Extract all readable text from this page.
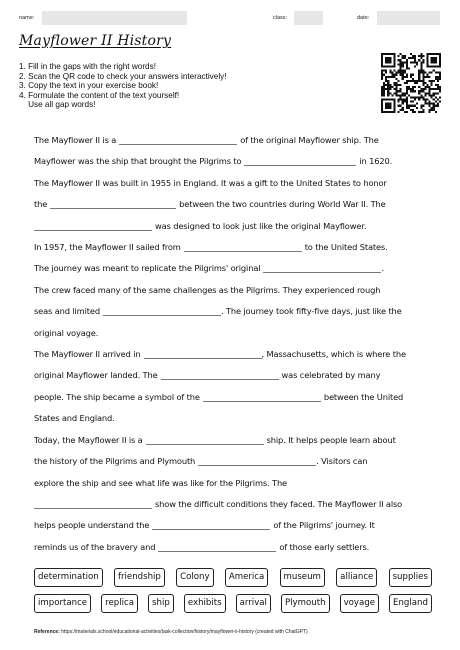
name:	class:	date:
Mayflower II History
1. Fill in the gaps with the right words!
2. Scan the QR code to check your answers interactively!
3. Copy the text in your exercise book!
4. Formulate the content of the text yourself!
Use all gap words!
The Mayflower II is a	of the original Mayflower ship. The
Mayflower was the ship that brought the Pilgrims to	in 1620.
The Mayflower II was built in 1955 in England. It was a gift to the United States to honor
the	between the two countries during World War II. The
was designed to look just like the original Mayflower.
In 1957, the Mayflower II sailed from	to the United States.
The journey was meant to replicate the Pilgrims' original	.
The crew faced many of the same challenges as the Pilgrims. They experienced rough
seas and limited	. The journey took fifty-five days, just like the
original voyage.
The Mayflower II arrived in	, Massachusetts, which is where the
original Mayflower landed. The	was celebrated by many
people. The ship became a symbol of the	between the United
States and England.
Today, the Mayflower II is a	ship. It helps people learn about
the history of the Pilgrims and Plymouth	. Visitors can
explore the ship and see what life was like for the Pilgrims. The
show the difficult conditions they faced. The Mayflower II also
helps people understand the	of the Pilgrims' journey. It
reminds us of the bravery and	of those early settlers.
determination	friendship	Colony	America	museum	alliance	supplies
importance	replica	ship	exhibits	arrival	Plymouth	voyage	England
Reference: https://materials.school/educational-activities/task-collection/history/mayflower-ii-history (created with ChatGPT)
